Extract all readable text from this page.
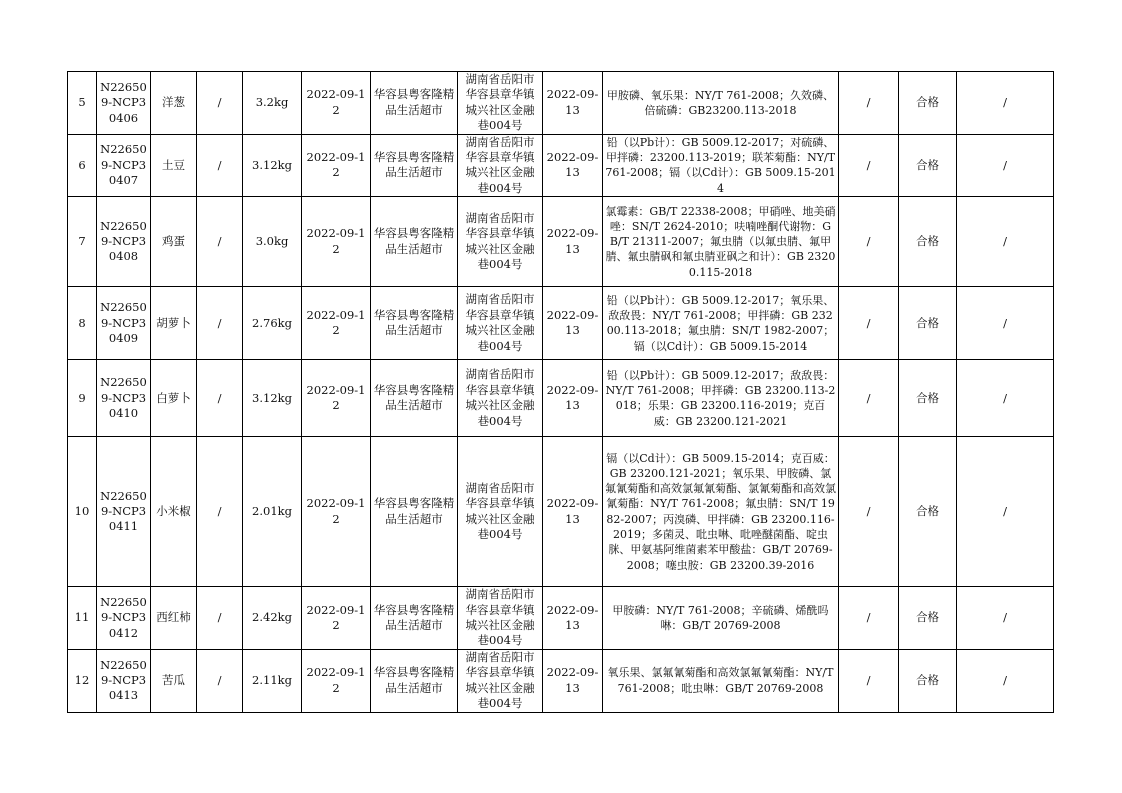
5	N226509-NCP30406	洋葱	/	3.2kg	2022-09-12	华容县粤客隆精品生活超市	湖南省岳阳市华容县章华镇城兴社区金融巷004号	2022-09-13	甲胺磷、氧乐果：NY/T 761-2008；久效磷、倍硫磷：GB23200.113-2018	/	合格	/
6	N226509-NCP30407	土豆	/	3.12kg	2022-09-12	华容县粤客隆精品生活超市	湖南省岳阳市华容县章华镇城兴社区金融巷004号	2022-09-13	铅（以Pb计）：GB 5009.12-2017；对硫磷、甲拌磷：23200.113-2019；联苯菊酯：NY/T 761-2008；镉（以Cd计）：GB 5009.15-2014	/	合格	/
7	N226509-NCP30408	鸡蛋	/	3.0kg	2022-09-12	华容县粤客隆精品生活超市	湖南省岳阳市华容县章华镇城兴社区金融巷004号	2022-09-13	氯霉素：GB/T 22338-2008；甲硝唑、地美硝唑：SN/T 2624-2010；呋喃唑酮代谢物：GB/T 21311-2007；氟虫腈（以氟虫腈、氟甲腈、氟虫腈砜和氟虫腈亚砜之和计）：GB 23200.115-2018	/	合格	/
8	N226509-NCP30409	胡萝卜	/	2.76kg	2022-09-12	华容县粤客隆精品生活超市	湖南省岳阳市华容县章华镇城兴社区金融巷004号	2022-09-13	铅（以Pb计）：GB 5009.12-2017；氧乐果、敌敌畏：NY/T 761-2008；甲拌磷：GB 23200.113-2018；氟虫腈：SN/T 1982-2007；镉（以Cd计）：GB 5009.15-2014	/	合格	/
9	N226509-NCP30410	白萝卜	/	3.12kg	2022-09-12	华容县粤客隆精品生活超市	湖南省岳阳市华容县章华镇城兴社区金融巷004号	2022-09-13	铅（以Pb计）：GB 5009.12-2017；敌敌畏：NY/T 761-2008；甲拌磷：GB 23200.113-2018；乐果：GB 23200.116-2019；克百威：GB 23200.121-2021	/	合格	/
10	N226509-NCP30411	小米椒	/	2.01kg	2022-09-12	华容县粤客隆精品生活超市	湖南省岳阳市华容县章华镇城兴社区金融巷004号	2022-09-13	镉（以Cd计）：GB 5009.15-2014；克百威：GB 23200.121-2021；氧乐果、甲胺磷、氯氟氰菊酯和高效氯氟氰菊酯、氯氰菊酯和高效氯氰菊酯：NY/T 761-2008；氟虫腈：SN/T 1982-2007；丙溴磷、甲拌磷：GB 23200.116-2019；多菌灵、吡虫啉、吡唑醚菌酯、啶虫脒、甲氨基阿维菌素苯甲酸盐：GB/T 20769-2008；噻虫胺：GB 23200.39-2016	/	合格	/
11	N226509-NCP30412	西红柿	/	2.42kg	2022-09-12	华容县粤客隆精品生活超市	湖南省岳阳市华容县章华镇城兴社区金融巷004号	2022-09-13	甲胺磷：NY/T 761-2008；辛硫磷、烯酰吗啉：GB/T 20769-2008	/	合格	/
12	N226509-NCP30413	苦瓜	/	2.11kg	2022-09-12	华容县粤客隆精品生活超市	湖南省岳阳市华容县章华镇城兴社区金融巷004号	2022-09-13	氧乐果、氯氟氰菊酯和高效氯氟氰菊酯：NY/T 761-2008；吡虫啉：GB/T 20769-2008	/	合格	/
